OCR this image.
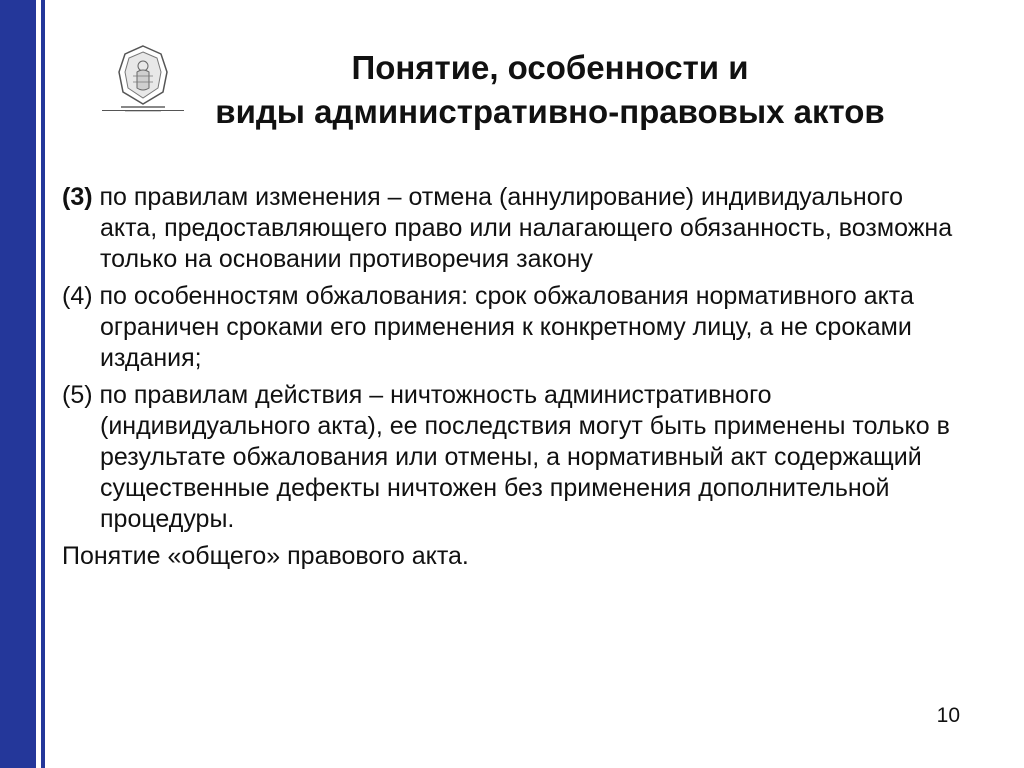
Понятие, особенности и
виды административно-правовых актов

(3) по правилам изменения – отмена (аннулирование) индивидуального акта, предоставляющего право или налагающего обязанность, возможна только на основании противоречия закону

(4) по особенностям обжалования: срок обжалования нормативного акта ограничен сроками его применения к конкретному лицу, а не сроками издания;

(5) по правилам действия – ничтожность административного (индивидуального акта), ее последствия могут быть применены только в результате обжалования или отмены, а нормативный акт содержащий существенные дефекты ничтожен без применения дополнительной процедуры.

Понятие «общего» правового акта.

10
